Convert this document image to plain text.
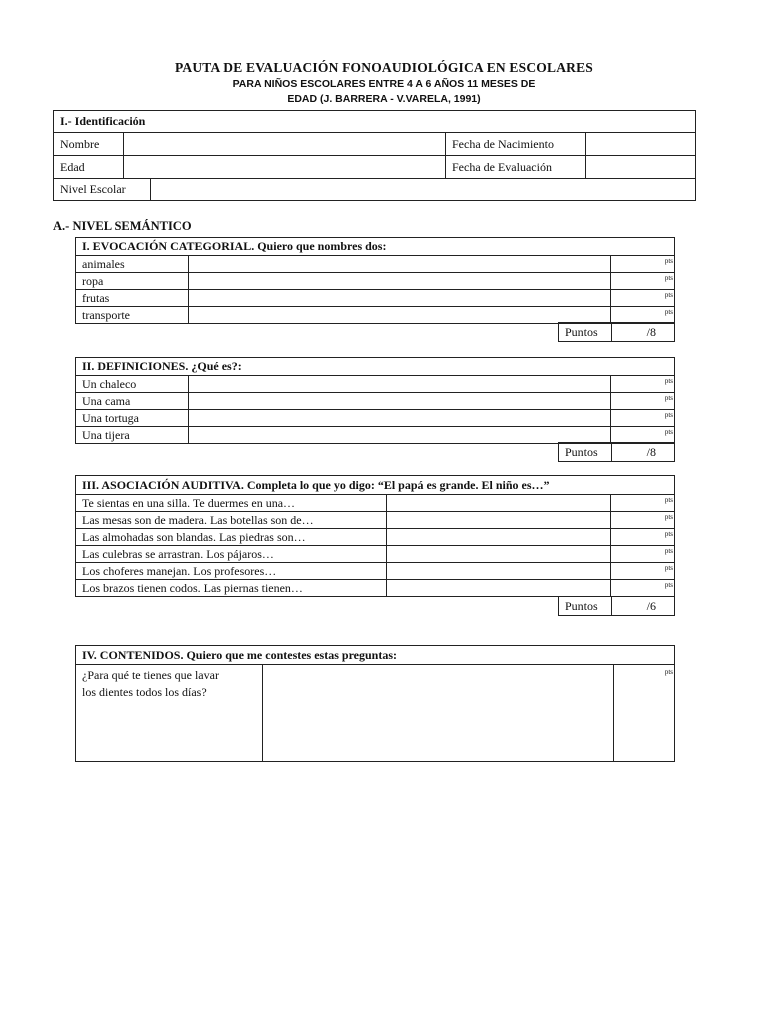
PAUTA DE EVALUACIÓN FONOAUDIOLÓGICA EN ESCOLARES
PARA NIÑOS ESCOLARES ENTRE 4 A 6 AÑOS 11 MESES DE
EDAD (J. BARRERA - V.VARELA, 1991)
I.- Identificación				
Nombre			Fecha de Nacimiento	
Edad			Fecha de Evaluación	
Nivel Escolar				
A.- NIVEL SEMÁNTICO
I. EVOCACIÓN CATEGORIAL. Quiero que nombres dos:		
animales		pts
ropa		pts
frutas		pts
transporte		pts
Puntos	/8
II. DEFINICIONES. ¿Qué es?:		
Un chaleco		pts
Una cama		pts
Una tortuga		pts
Una tijera		pts
Puntos	/8
III. ASOCIACIÓN AUDITIVA. Completa lo que yo digo: “El papá es grande. El niño es…”		
Te sientas en una silla. Te duermes en una…		pts
Las mesas son de madera. Las botellas son de…		pts
Las almohadas son blandas. Las piedras son…		pts
Las culebras se arrastran. Los pájaros…		pts
Los choferes manejan. Los profesores…		pts
Los brazos tienen codos. Las piernas tienen…		pts
Puntos	/6
IV. CONTENIDOS. Quiero que me contestes estas preguntas:

¿Para qué te tienes que lavar
los dientes todos los días?
		pts
